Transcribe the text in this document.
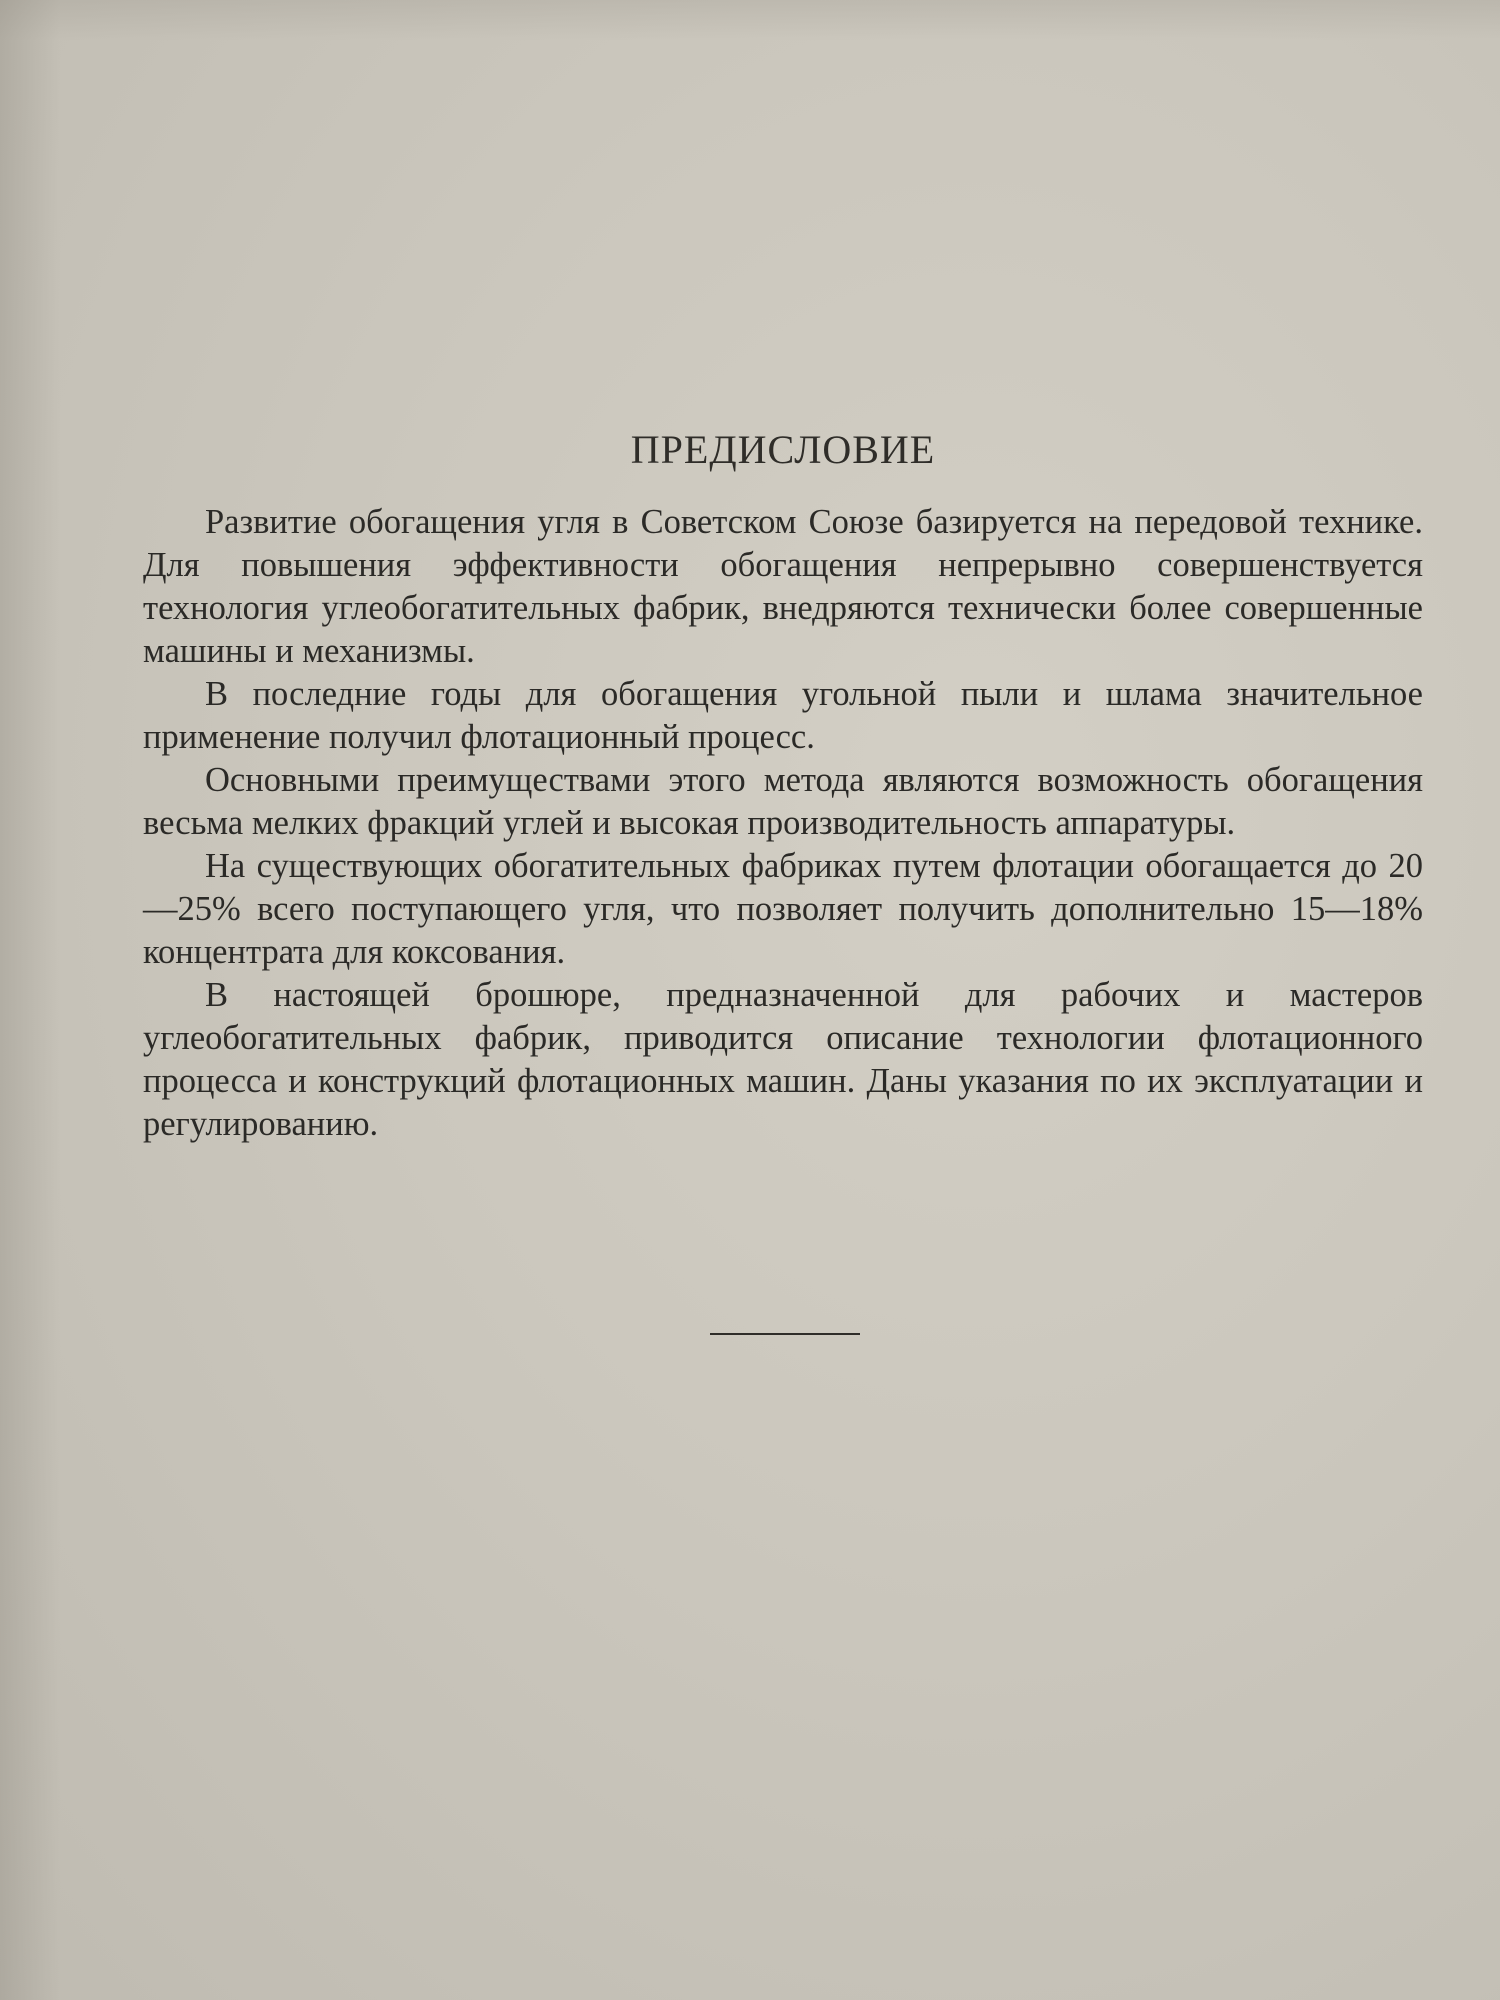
ПРЕДИСЛОВИЕ

Развитие обогащения угля в Советском Союзе базируется на передовой технике. Для повышения эффективности обогащения непрерывно совершенствуется технология углеобогатительных фабрик, внедряются технически более совершенные машины и механизмы.

В последние годы для обогащения угольной пыли и шлама значительное применение получил флотационный процесс.

Основными преимуществами этого метода являются возможность обогащения весьма мелких фракций углей и высокая производительность аппаратуры.

На существующих обогатительных фабриках путем флотации обогащается до 20—25% всего поступающего угля, что позволяет получить дополнительно 15—18% концентрата для коксования.

В настоящей брошюре, предназначенной для рабочих и мастеров углеобогатительных фабрик, приводится описание технологии флотационного процесса и конструкций флотационных машин. Даны указания по их эксплуатации и регулированию.
